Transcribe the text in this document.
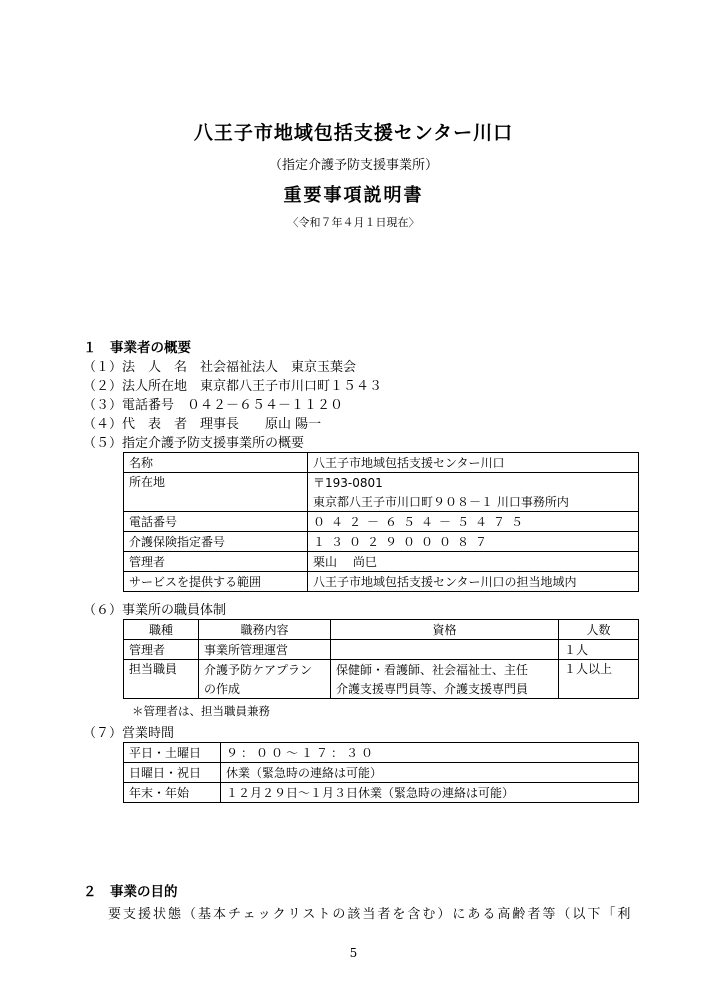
八王子市地域包括支援センター川口
（指定介護予防支援事業所）
重要事項説明書
〈令和７年４月１日現在〉
１　事業者の概要
（１）法　人　名　 社会福祉法人　東京玉葉会
（２）法人所在地　 東京都八王子市川口町１５４３
（３）電話番号　 ０４２－６５４－１１２０
（４）代　表　者　 理事長　　原山 陽一
（５）指定介護予防支援事業所の概要
名称	八王子市地域包括支援センター川口
所在地	〒193-0801
	東京都八王子市川口町９０８－１ 川口事務所内
電話番号	０４２－６５４－５４７５
介護保険指定番号	１３０２９０００８７
管理者	栗山　 尚巳
サービスを提供する範囲	八王子市地域包括支援センター川口の担当地域内
（６）事業所の職員体制
職種	職務内容	資格	人数
管理者	事業所管理運営		１人
担当職員	介護予防ケアプラン	保健師・看護師、社会福祉士、主任	１人以上
	の作成	介護支援専門員等、介護支援専門員	
＊管理者は、担当職員兼務
（７）営業時間
平日・土曜日	９：００～１７：３０
日曜日・祝日	休業（緊急時の連絡は可能）
年末・年始	１２月２９日～１月３日休業（緊急時の連絡は可能）
２　事業の目的
要支援状態（基本チェックリストの該当者を含む）にある高齢者等（以下「利
5
